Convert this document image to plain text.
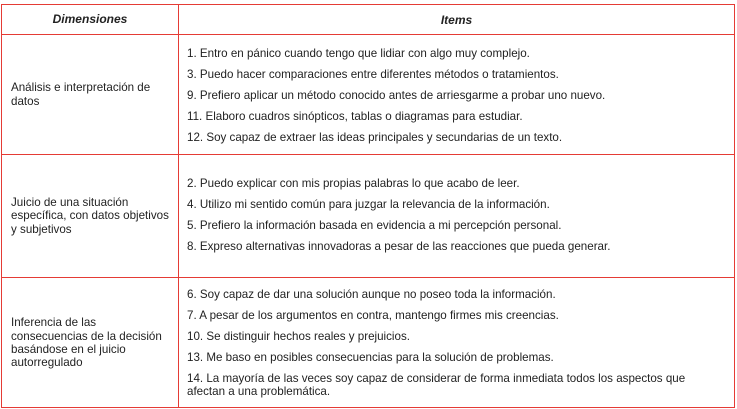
Dimensiones	Items
Análisis e interpretación de datos

1. Entro en pánico cuando tengo que lidiar con algo muy complejo.

3. Puedo hacer comparaciones entre diferentes métodos o tratamientos.

9. Prefiero aplicar un método conocido antes de arriesgarme a probar uno nuevo.

11. Elaboro cuadros sinópticos, tablas o diagramas para estudiar.

12. Soy capaz de extraer las ideas principales y secundarias de un texto.

Juicio de una situación específica, con datos objetivos y subjetivos

2. Puedo explicar con mis propias palabras lo que acabo de leer.

4. Utilizo mi sentido común para juzgar la relevancia de la información.

5. Prefiero la información basada en evidencia a mi percepción personal.

8. Expreso alternativas innovadoras a pesar de las reacciones que pueda generar.

Inferencia de las consecuencias de la decisión basándose en el juicio autorregulado

6. Soy capaz de dar una solución aunque no poseo toda la información.

7. A pesar de los argumentos en contra, mantengo firmes mis creencias.

10. Se distinguir hechos reales y prejuicios.

13. Me baso en posibles consecuencias para la solución de problemas.

14. La mayoría de las veces soy capaz de considerar de forma inmediata todos los aspectos que afectan a una problemática.
